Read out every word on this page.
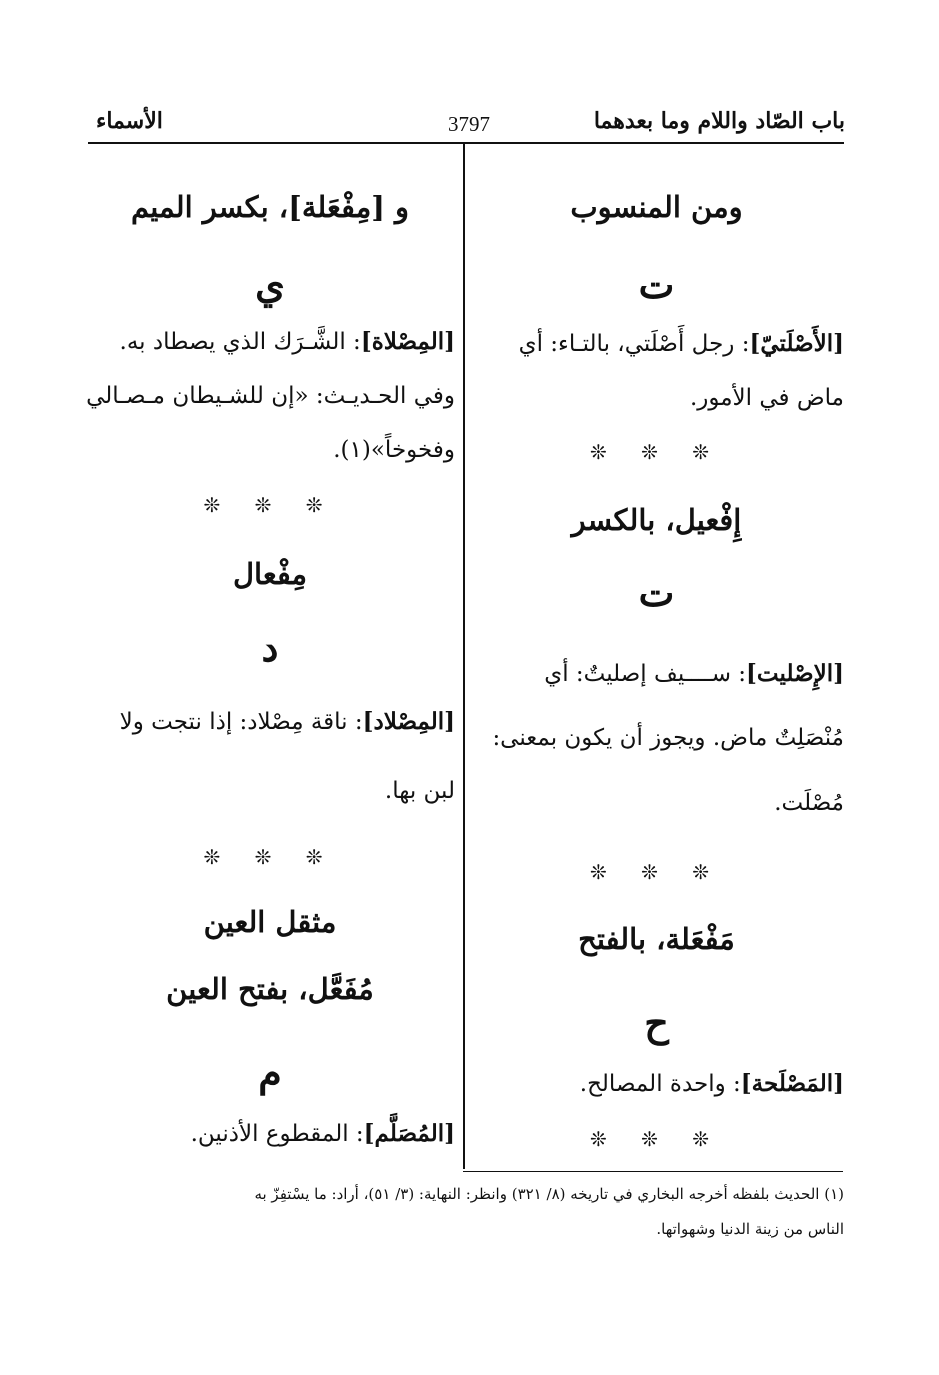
باب الصّاد واللام وما بعدهما
3797
الأسماء
ومن المنسوب
ت
[الأَصْلَتيّ]: رجل أَصْلَتي، بالتـاء: أي
ماض في الأمور.
❊ ❊ ❊
إِفْعيل، بالكسر
ت
[الإِصْليت]: ســــيف إصليتٌ: أي
مُنْصَلِتٌ ماض. ويجوز أن يكون بمعنى:
مُصْلَت.
❊ ❊ ❊
مَفْعَلة، بالفتح
ح
[المَصْلَحة]: واحدة المصالح.
❊ ❊ ❊
و [مِفْعَلة]، بكسر الميم
ي
[المِصْلاة]: الشَّـرَك الذي يصطاد به.
وفي الحـديـث: «إن للشـيطان مـصـالي
وفخوخاً»(١).
❊ ❊ ❊
مِفْعال
د
[المِصْلاد]: ناقة مِصْلاد: إذا نتجت ولا
لبن بها.
❊ ❊ ❊
مثقل العين
مُفَعَّل، بفتح العين
م
[المُصَلَّم]: المقطوع الأذنين.
(١) الحديث بلفظه أخرجه البخاري في تاريخه (٨/ ٣٢١) وانظر: النهاية: (٣/ ٥١)، أراد: ما يسْتفِزّ به
الناس من زينة الدنيا وشهواتها.
